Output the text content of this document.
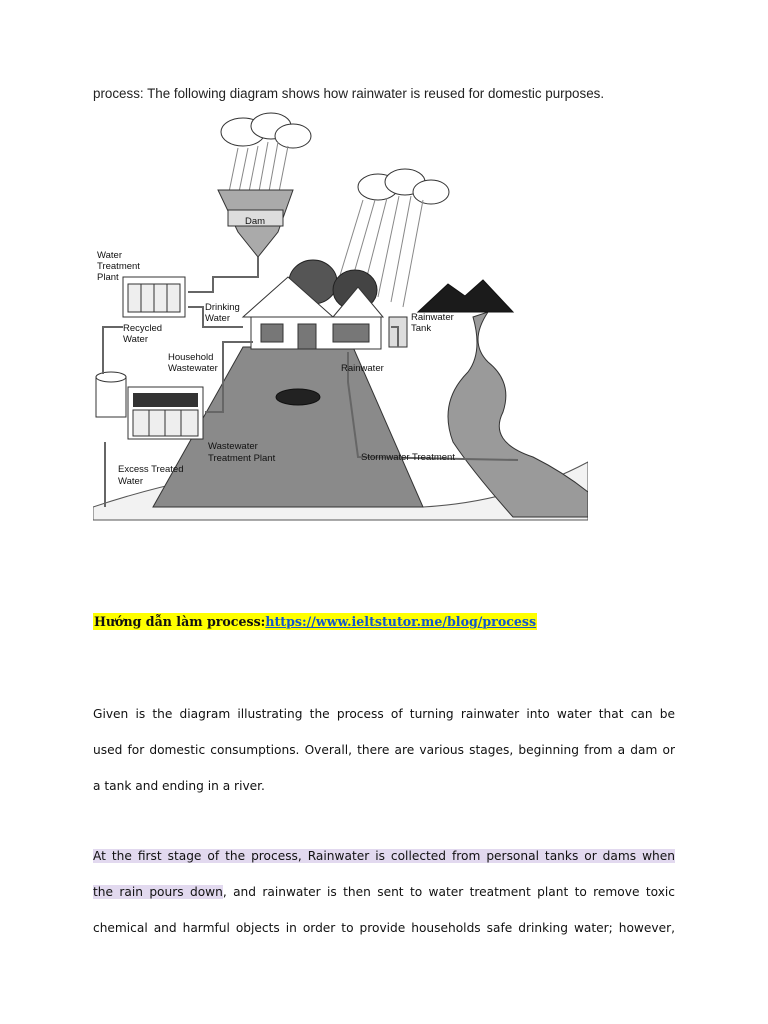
process: The following diagram shows how rainwater is reused for domestic purposes.
Dam
Water
Treatment
Plant
Drinking
Water
Recycled
Water
Household
Wastewater
Wastewater
Treatment Plant
Excess Treated
Water
Rainwater
Tank
Rainwater
Stormwater Treatment
Hướng dẫn làm process:https://www.ieltstutor.me/blog/process
Given is the diagram illustrating the process of turning rainwater into water that can be
used for domestic consumptions. Overall, there are various stages, beginning from a dam or
a tank and ending in a river.
At the first stage of the process, Rainwater is collected from personal tanks or dams when
the rain pours down, and rainwater is then sent to water treatment plant to remove toxic
chemical and harmful objects in order to provide households safe drinking water; however,
